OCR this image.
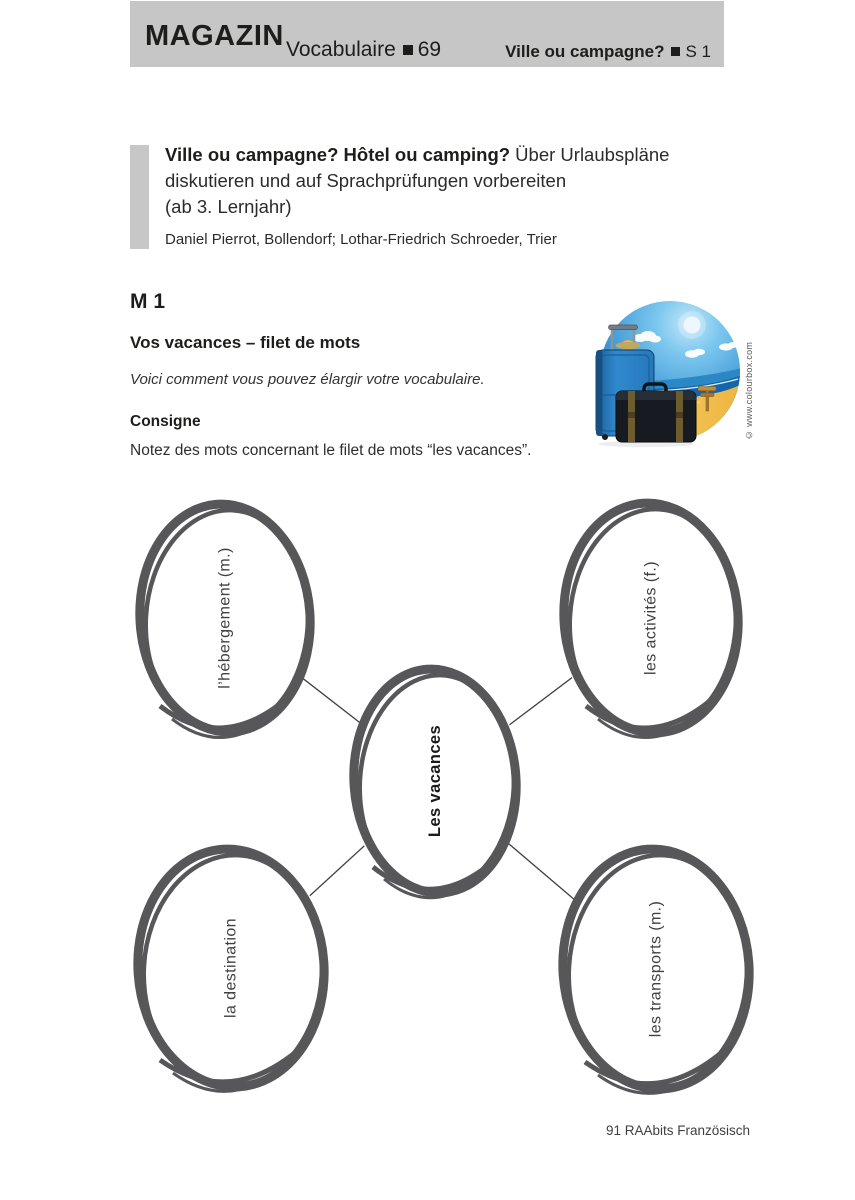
MAGAZIN Vocabulaire 69	Ville ou campagne? S 1
Ville ou campagne? Hôtel ou camping? Über Urlaubspläne
diskutieren und auf Sprachprüfungen vorbereiten
(ab 3. Lernjahr)
Daniel Pierrot, Bollendorf; Lothar-Friedrich Schroeder, Trier
M 1
Vos vacances – filet de mots
Voici comment vous pouvez élargir votre vocabulaire.
Consigne
Notez des mots concernant le filet de mots “les vacances”.
© www.colourbox.com
l’hébergement (m.)	les activités (f.)
Les vacances
la destination	les transports (m.)
91 RAAbits Französisch
